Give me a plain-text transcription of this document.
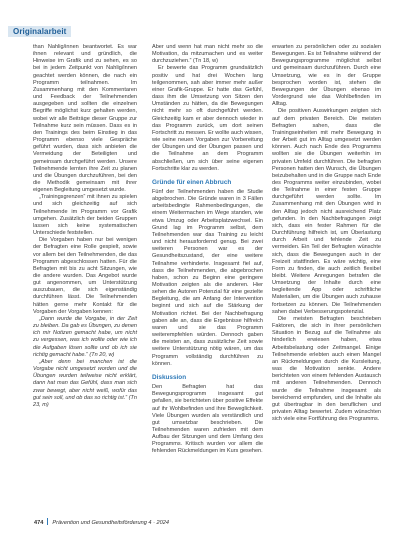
Originalarbeit

than Nahlig/innen beantwortet. Es war ihnen relevant und gründlich, die Hinweise im Grafik und zu sehen, es so bei in jedem Zeitpunkt von Nahlig/innen geachtet werden können, die nach ein Programm teilnahmen. Im Zusammenhang mit den Kommentaren und Feedback der Teilnehmenden ausgegeben und sollten die einzelnen Begriffe möglichst kurz gehalten werden, wobei wir alle Beiträge dieser Gruppe zur Teilnahme kurz sein müssen. Dass es in den Trainings des beim Einstieg in das Programm ebenso viele Gespräche geführt wurden, dass sich anbieten die Vermeidung der Beteiligten und gemeinsam durchgeführt werden. Unsere Teilnehmende lernten ihre Zeit zu planen und die Übungen durchzuführen, bei den die Methodik gemeinsam mit ihrer eigenen Begleitung umgesetzt wurde.

„Trainingsgrenzen“ mit ihnen zu spielen und sich gleichzeitig auf sich Teilnehmende im Programm vor Grafik umgehen. Zusätzlich der beiden Gruppen lassen sich keine systematischen Unterschiede feststellen.

Die Vorgaben haben nur bei wenigen der Befragten eine Rolle gespielt, sowie vor allem bei den Teilnehmenden, die das Programm abgeschlossen hatten. Für die Befragten mit bis zu acht Sitzungen, wie die andere wurden. Das Angebot wurde gut angenommen, um Unterstützung auszubauen, die sich eigenständig durchführen lässt. Die Teilnehmenden hätten gerne mehr Kontakt für die Vorgaben der Vorgaben kennen:

„Dann wurde die Vorgabe, in der Zeit zu bleiben. Da gab es Übungen, zu denen ich mir Notizen gemacht habe, um nicht zu vergessen, was ich wollte oder wie ich die Aufgaben lösen sollte und ob ich sie richtig gemacht habe.“ (Tn 20, w)

„Aber denn bei manchen ist die Vorgabe nicht umgesetzt worden und die Übungen wurden teilweise nicht erklärt, dann hat man das Gefühl, dass man sich zwar bewegt, aber nicht weiß, wofür das gut sein soll, und ob das so richtig ist.“ (Tn 23, m)

Aber und wenn hat man nicht mehr so die Motivation, da mitzumachen und es weiter durchzuziehen.“ (Tn 18, w)

Er bewerte das Programm grundsätzlich positiv und hat drei Wochen lang teilgenommen, sah aber immer mehr außer einer Grafik-Gruppe. Er hatte das Gefühl, dass ihm die Umsetzung von Sitzen den Umständen zu hätten, da die Bewegungen nicht mehr so oft durchgeführt werden. Gleichzeitig kam er aber dennoch wieder in das Programm zurück, um dort seinen Fortschritt zu messen. Er wollte auch wissen, wie seine neuen Vorgaben zur Vorbereitung der Übungen und der Übungen passen und die Teilnahme an dem Programm abschließen, um sich über seine eigenen Fortschritte klar zu werden.

Gründe für einen Abbruch

Fünf der Teilnehmenden haben die Studie abgebrochen. Die Gründe waren in 3 Fällen arbeitsbedingte Rahmenbedingungen, die einem Weitermachen im Wege standen, wie etwa Umzug oder Arbeitsplatzwechsel. Ein Grund lag im Programm selbst, dem Teilnehmenden war das Training zu leicht und nicht herausfordernd genug. Bei zwei weiteren Personen war es der Gesundheitszustand, der eine weitere Teilnahme verhinderte. Insgesamt fiel auf, dass die Teilnehmenden, die abgebrochen haben, schon zu Beginn eine geringere Motivation zeigten als die anderen. Hier sehen die Autoren Potenzial für eine gezielte Begleitung, die am Anfang der Intervention beginnt und sich auf die Stärkung der Motivation richtet. Bei der Nachbefragung gaben alle an, dass die Ergebnisse hilfreich waren und sie das Programm weiterempfehlen würden. Dennoch gaben die meisten an, dass zusätzliche Zeit sowie weitere Unterstützung nötig wären, um das Programm vollständig durchführen zu können.

Diskussion

Den Befragten hat das Bewegungsprogramm insgesamt gut gefallen, sie berichteten über positive Effekte auf ihr Wohlbefinden und ihre Beweglichkeit. Viele Übungen wurden als verständlich und gut umsetzbar beschrieben. Die Teilnehmenden waren zufrieden mit dem Aufbau der Sitzungen und dem Umfang des Programms. Kritisch wurden vor allem die fehlenden Rückmeldungen im Kurs gesehen.

erwarten zu persönlichen oder zu sozialen Bewegungen. Es ist Teilnahme während der Bewegungsprogramme möglichst selbst und gemeinsam durchzuführen. Durch eine Umsetzung, wie es in der Gruppe besprochen worden ist, stehen die Bewegungen der Übungen ebenso im Vordergrund wie das Wohlbefinden im Alltag.

Die positiven Auswirkungen zeigten sich auf dem privaten Bereich. Die meisten Befragten sahen, dass die Trainingseinheiten mit mehr Bewegung in der Arbeit gut im Alltag umgesetzt werden können. Auch nach Ende des Programms wollten sie die Übungen weiterhin im privaten Umfeld durchführen. Die befragten Personen hatten den Wunsch, die Übungen beizubehalten und in die Gruppe nach Ende des Programms weiter einzubinden, wobei die Teilnahme in einer festen Gruppe durchgeführt werden sollte. Im Zusammenhang mit den Übungen wird in den Alltag jedoch nicht ausreichend Platz gefunden. In den Nachbefragungen zeigt sich, dass ein fester Rahmen für die Durchführung hilfreich ist, um Überlastung durch Arbeit und fehlende Zeit zu vermeiden. Ein Teil der Befragten wünschte sich, dass die Bewegungen auch in der Freizeit stattfinden. Es wäre wichtig, eine Form zu finden, die auch zeitlich flexibel bleibt. Weitere Anregungen betrafen die Umsetzung der Inhalte durch eine begleitende App oder schriftliche Materialien, um die Übungen auch zuhause fortsetzen zu können. Die Teilnehmenden sahen dabei Verbesserungspotenzial.

Die meisten Befragten beschrieben Faktoren, die sich in ihrer persönlichen Situation in Bezug auf die Teilnahme als hinderlich erwiesen haben, etwa Arbeitsbelastung oder Zeitmangel. Einige Teilnehmende erlebten auch einen Mangel an Rückmeldungen durch die Kursleitung, was die Motivation senkte. Andere berichteten von einem fehlenden Austausch mit anderen Teilnehmenden. Dennoch wurde die Teilnahme insgesamt als bereichernd empfunden, und die Inhalte als gut übertragbar in den beruflichen und privaten Alltag bewertet. Zudem wünschten sich viele eine Fortführung des Programms.

474 Prävention und Gesundheitsförderung 4 · 2024
